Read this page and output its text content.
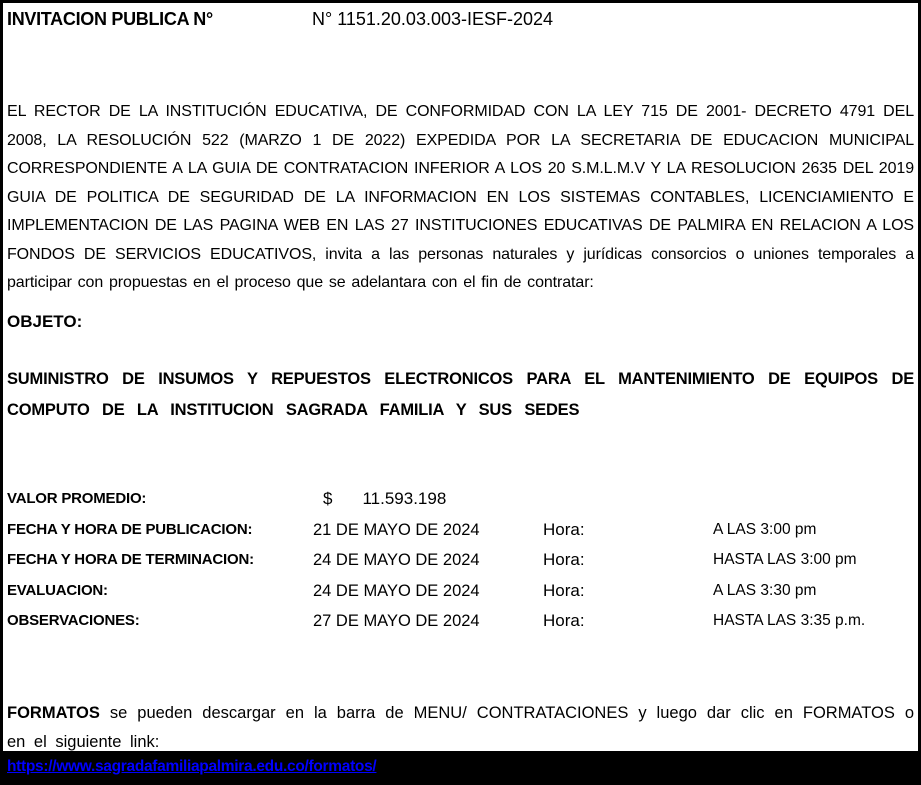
INVITACION PUBLICA N°	N° 1151.20.03.003-IESF-2024
EL RECTOR DE LA INSTITUCIÓN EDUCATIVA, DE CONFORMIDAD CON LA LEY 715 DE 2001- DECRETO 4791 DEL 2008, LA RESOLUCIÓN 522 (MARZO 1 DE 2022) EXPEDIDA POR LA SECRETARIA DE EDUCACION MUNICIPAL CORRESPONDIENTE A LA GUIA DE CONTRATACION INFERIOR A LOS 20 S.M.L.M.V Y LA RESOLUCION 2635 DEL 2019 GUIA DE POLITICA DE SEGURIDAD DE LA INFORMACION EN LOS SISTEMAS CONTABLES, LICENCIAMIENTO E IMPLEMENTACION DE LAS PAGINA WEB EN LAS 27 INSTITUCIONES EDUCATIVAS DE PALMIRA EN RELACION A LOS FONDOS DE SERVICIOS EDUCATIVOS, invita a las personas naturales y jurídicas consorcios o uniones temporales a participar con propuestas en el proceso que se adelantara con el fin de contratar:
OBJETO:
SUMINISTRO DE INSUMOS Y REPUESTOS ELECTRONICOS PARA EL MANTENIMIENTO DE EQUIPOS DE COMPUTO DE LA INSTITUCION SAGRADA FAMILIA Y SUS SEDES
VALOR PROMEDIO:	$ 11.593.198
FECHA Y HORA DE PUBLICACION:	21 DE MAYO DE 2024	Hora:	A LAS 3:00 pm
FECHA Y HORA DE TERMINACION:	24 DE MAYO DE 2024	Hora:	HASTA LAS 3:00 pm
EVALUACION:	24 DE MAYO DE 2024	Hora:	A LAS 3:30 pm
OBSERVACIONES:	27 DE MAYO DE 2024	Hora:	HASTA LAS 3:35 p.m.
FORMATOS se pueden descargar en la barra de MENU/ CONTRATACIONES y luego dar clic en FORMATOS o en el siguiente link:
https://www.sagradafamiliapalmira.edu.co/formatos/
